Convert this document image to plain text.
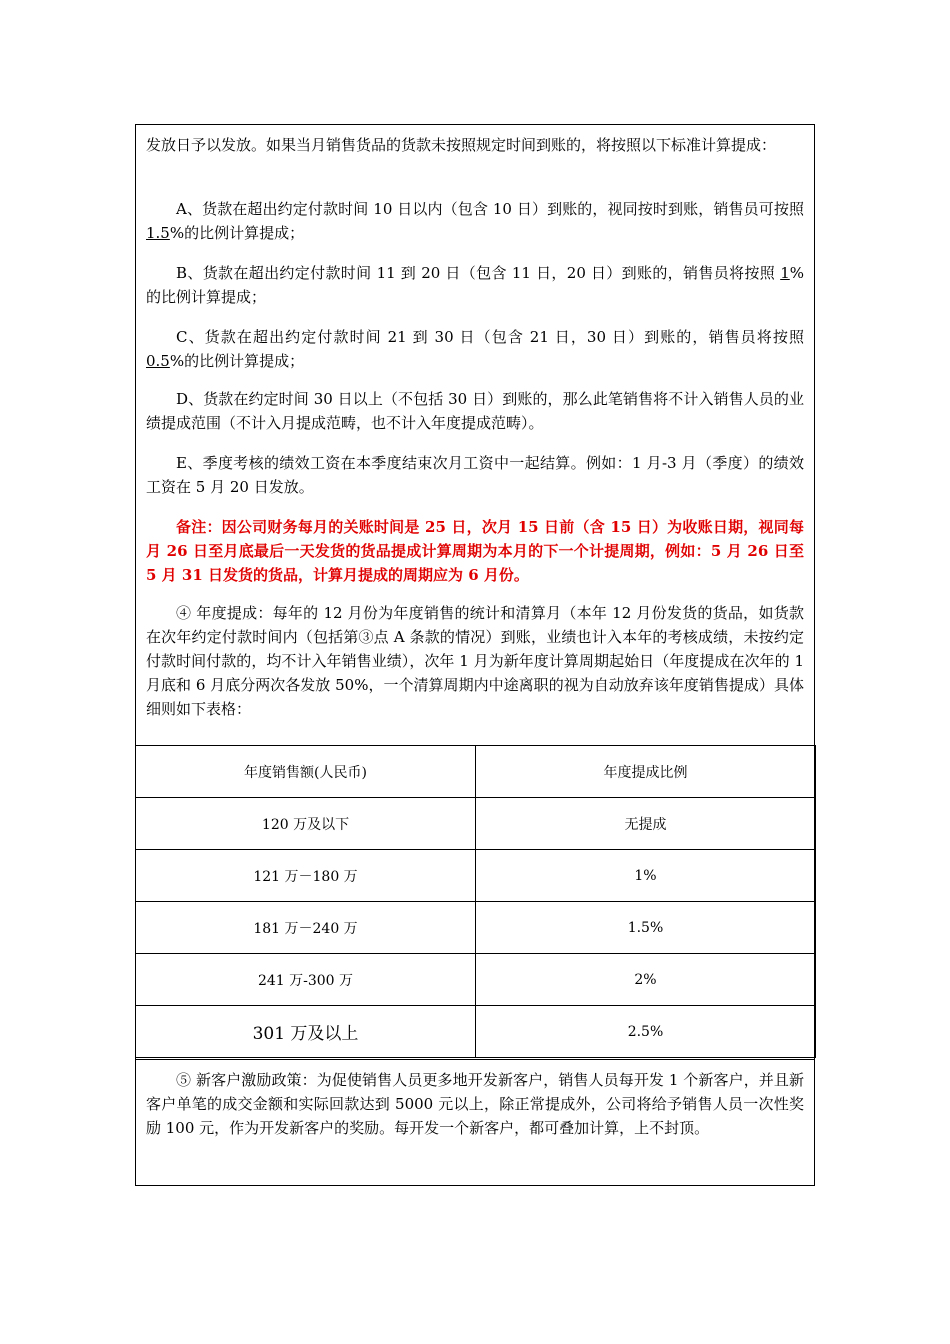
发放日予以发放。如果当月销售货品的货款未按照规定时间到账的，将按照以下标准计算提成：

A、货款在超出约定付款时间 10 日以内（包含 10 日）到账的，视同按时到账，销售员可按照 1.5%的比例计算提成；

B、货款在超出约定付款时间 11 到 20 日（包含 11 日，20 日）到账的，销售员将按照 1%的比例计算提成；

C、货款在超出约定付款时间 21 到 30 日（包含 21 日，30 日）到账的，销售员将按照 0.5%的比例计算提成；

D、货款在约定时间 30 日以上（不包括 30 日）到账的，那么此笔销售将不计入销售人员的业绩提成范围（不计入月提成范畴，也不计入年度提成范畴）。

E、季度考核的绩效工资在本季度结束次月工资中一起结算。例如：1 月-3 月（季度）的绩效工资在 5 月 20 日发放。

备注：因公司财务每月的关账时间是 25 日，次月 15 日前（含 15 日）为收账日期，视同每月 26 日至月底最后一天发货的货品提成计算周期为本月的下一个计提周期，例如：5 月 26 日至 5 月 31 日发货的货品，计算月提成的周期应为 6 月份。

④ 年度提成：每年的 12 月份为年度销售的统计和清算月（本年 12 月份发货的货品，如货款在次年约定付款时间内（包括第③点 A 条款的情况）到账，业绩也计入本年的考核成绩，未按约定付款时间付款的，均不计入年销售业绩），次年 1 月为新年度计算周期起始日（年度提成在次年的 1 月底和 6 月底分两次各发放 50%，一个清算周期内中途离职的视为自动放弃该年度销售提成）具体细则如下表格：

年度销售额(人民币)	年度提成比例
120 万及以下	无提成
121 万－180 万	1%
181 万－240 万	1.5%
241 万-300 万	2%
301 万及以上	2.5%

⑤ 新客户激励政策：为促使销售人员更多地开发新客户，销售人员每开发 1 个新客户，并且新客户单笔的成交金额和实际回款达到 5000 元以上，除正常提成外，公司将给予销售人员一次性奖励 100 元，作为开发新客户的奖励。每开发一个新客户，都可叠加计算，上不封顶。
